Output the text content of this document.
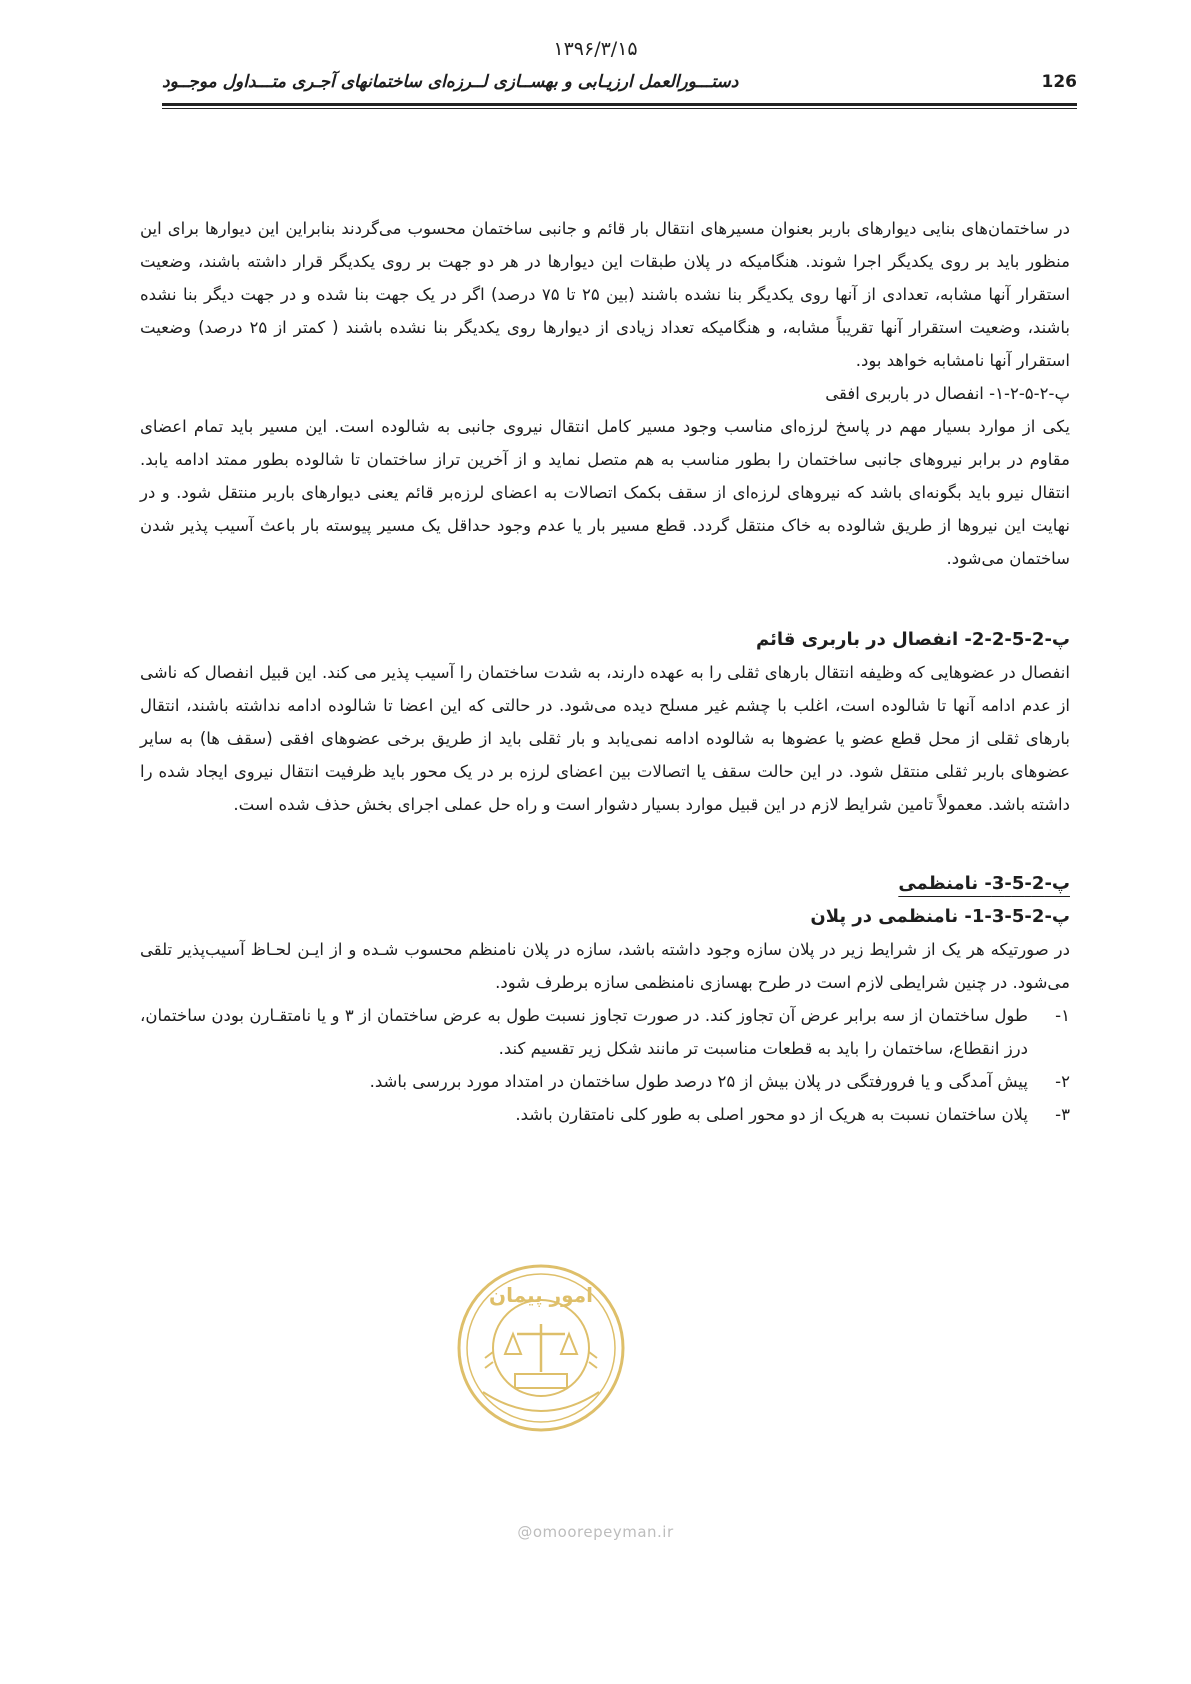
۱۳۹۶/۳/۱۵
دستـــورالعمل ارزیـابی و بهســازی لــرزه‌ای ساختمانهای آجـری متـــداول موجــود	126

در ساختمان‌های بنایی دیوارهای باربر بعنوان مسیرهای انتقال بار قائم و جانبی ساختمان محسوب می‌گردند بنابراین این دیوارها برای این منظور باید بر روی یکدیگر اجرا شوند. هنگامیکه در پلان طبقات این دیوارها در هر دو جهت بر روی یکدیگر قرار داشته باشند، وضعیت استقرار آنها مشابه، تعدادی از آنها روی یکدیگر بنا نشده باشند (بین ۲۵ تا ۷۵ درصد) اگر در یک جهت بنا شده و در جهت دیگر بنا نشده باشند، وضعیت استقرار آنها تقریباً مشابه، و هنگامیکه تعداد زیادی از دیوارها روی یکدیگر بنا نشده باشند ( کمتر از ۲۵ درصد) وضعیت استقرار آنها نامشابه خواهد بود.

پ-۲-۵-۲-۱- انفصال در باربری افقی

یکی از موارد بسیار مهم در پاسخ لرزه‌ای مناسب وجود مسیر کامل انتقال نیروی جانبی به شالوده است. این مسیر باید تمام اعضای مقاوم در برابر نیروهای جانبی ساختمان را بطور مناسب به هم متصل نماید و از آخرین تراز ساختمان تا شالوده بطور ممتد ادامه یابد. انتقال نیرو باید بگونه‌ای باشد که نیروهای لرزه‌ای از سقف بکمک اتصالات به اعضای لرزه‌بر قائم یعنی دیوارهای باربر منتقل شود. و در نهایت این نیروها از طریق شالوده به خاک منتقل گردد. قطع مسیر بار یا عدم وجود حداقل یک مسیر پیوسته بار باعث آسیب پذیر شدن ساختمان می‌شود.

پ-2-5-2-2- انفصال در باربری قائم

انفصال در عضوهایی که وظیفه انتقال بارهای ثقلی را به عهده دارند، به شدت ساختمان را آسیب پذیر می کند. این قبیل انفصال که ناشی از عدم ادامه آنها تا شالوده است، اغلب با چشم غیر مسلح دیده می‌شود. در حالتی که این اعضا تا شالوده ادامه نداشته باشند، انتقال بارهای ثقلی از محل قطع عضو یا عضوها به شالوده ادامه نمی‌یابد و بار ثقلی باید از طریق برخی عضوهای افقی (سقف ها) به سایر عضوهای باربر ثقلی منتقل شود. در این حالت سقف یا اتصالات بین اعضای لرزه بر در یک محور باید ظرفیت انتقال نیروی ایجاد شده را داشته باشد. معمولاً تامین شرایط لازم در این قبیل موارد بسیار دشوار است و راه حل عملی اجرای بخش حذف شده است.

پ-2-5-3- نامنظمی

پ-2-5-3-1- نامنظمی در پلان

در صورتیکه هر یک از شرایط زیر در پلان سازه وجود داشته باشد، سازه در پلان نامنظم محسوب شـده و از ایـن لحـاظ آسیب‌پذیر تلقی می‌شود. در چنین شرایطی لازم است در طرح بهسازی نامنظمی سازه برطرف شود.

۱-
طول ساختمان از سه برابر عرض آن تجاوز کند. در صورت تجاوز نسبت طول به عرض ساختمان از ۳ و یا نامتقـارن بودن ساختمان، درز انقطاع، ساختمان را باید به قطعات مناسبت تر مانند شکل زیر تقسیم کند.
۲-
پیش آمدگی و یا فرورفتگی در پلان بیش از ۲۵ درصد طول ساختمان در امتداد مورد بررسی باشد.
۳-
پلان ساختمان نسبت به هریک از دو محور اصلی به طور کلی نامتقارن باشد.
امور پیمان
@omoorepeyman.ir
